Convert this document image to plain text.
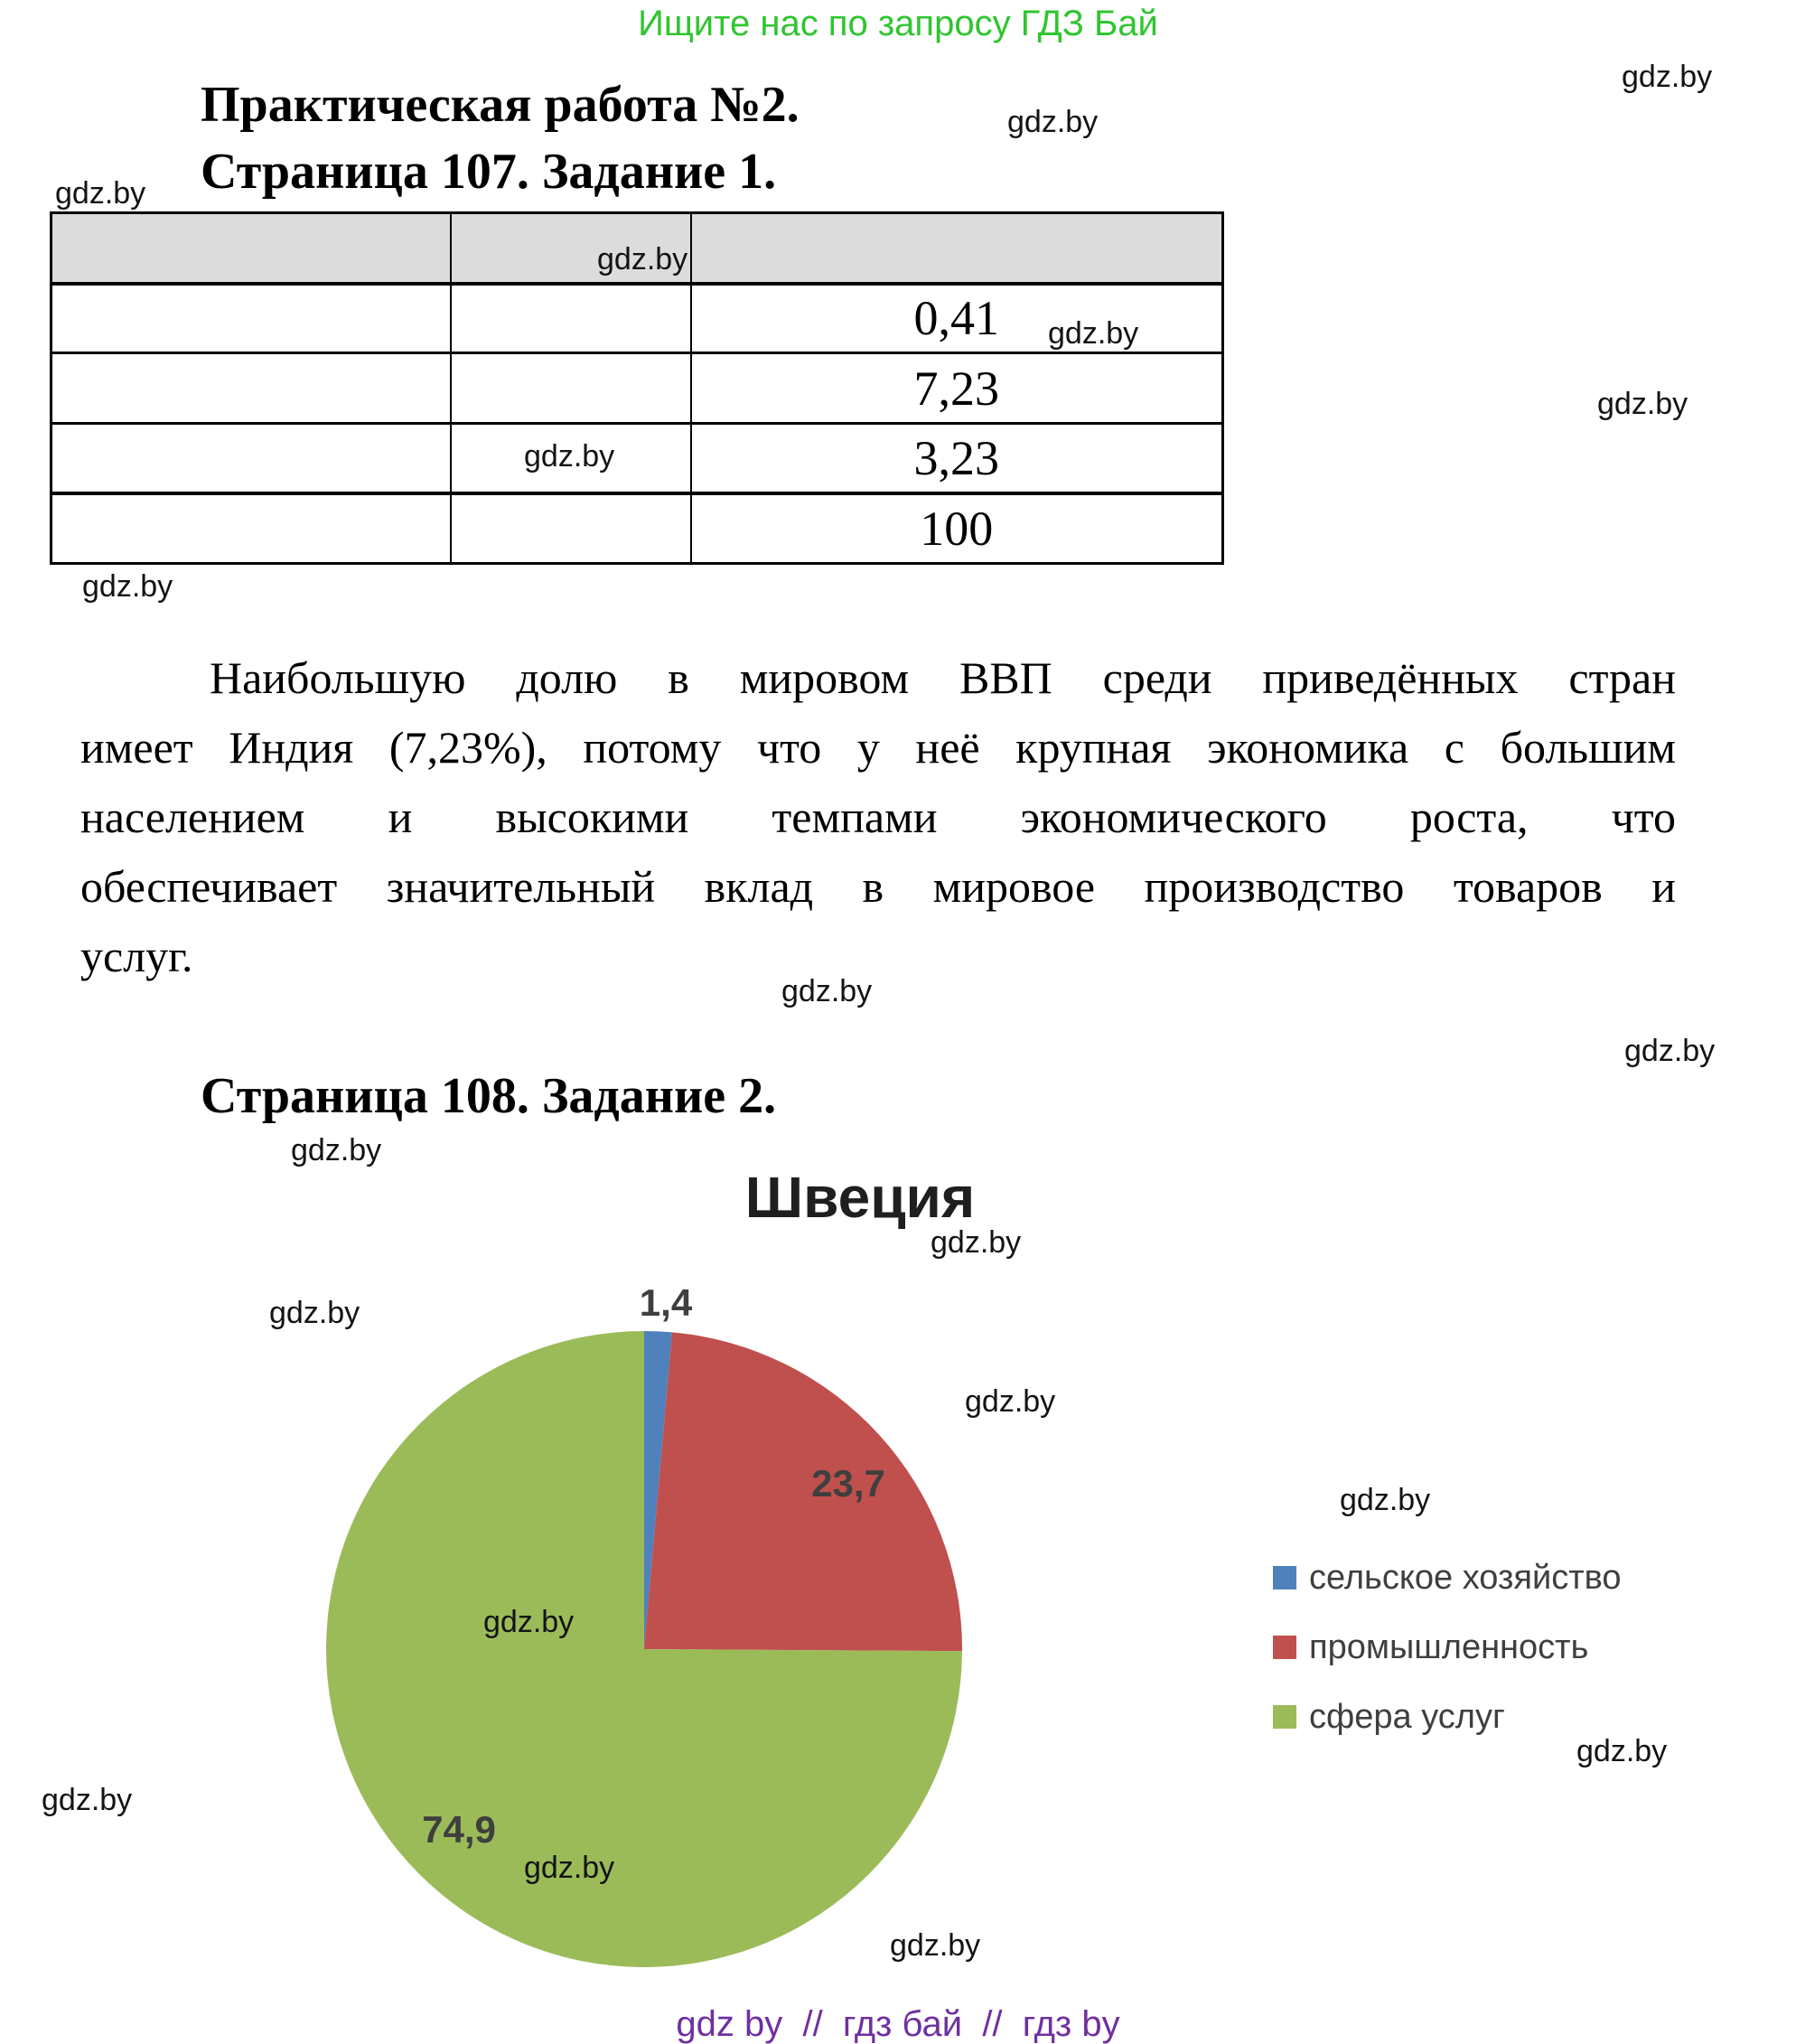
Ищите нас по запросу ГДЗ Бай
Практическая работа №2.
Страница 107. Задание 1.

		0,41
		7,23
		3,23
		100
Наибольшую долю в мировом ВВП среди приведённых стран
имеет Индия (7,23%), потому что у неё крупная экономика с большим
населением и высокими темпами экономического роста, что
обеспечивает значительный вклад в мировое производство товаров и
услуг.
Страница 108. Задание 2.
Швеция
1,4
23,7
74,9
сельское хозяйство
промышленность
сфера услуг
gdz.by
gdz.by
gdz.by
gdz.by
gdz.by
gdz.by
gdz.by
gdz.by
gdz.by
gdz.by
gdz.by
gdz.by
gdz.by
gdz.by
gdz.by
gdz.by
gdz.by
gdz.by
gdz.by
gdz.by
gdz by  //  гдз бай  //  гдз by
